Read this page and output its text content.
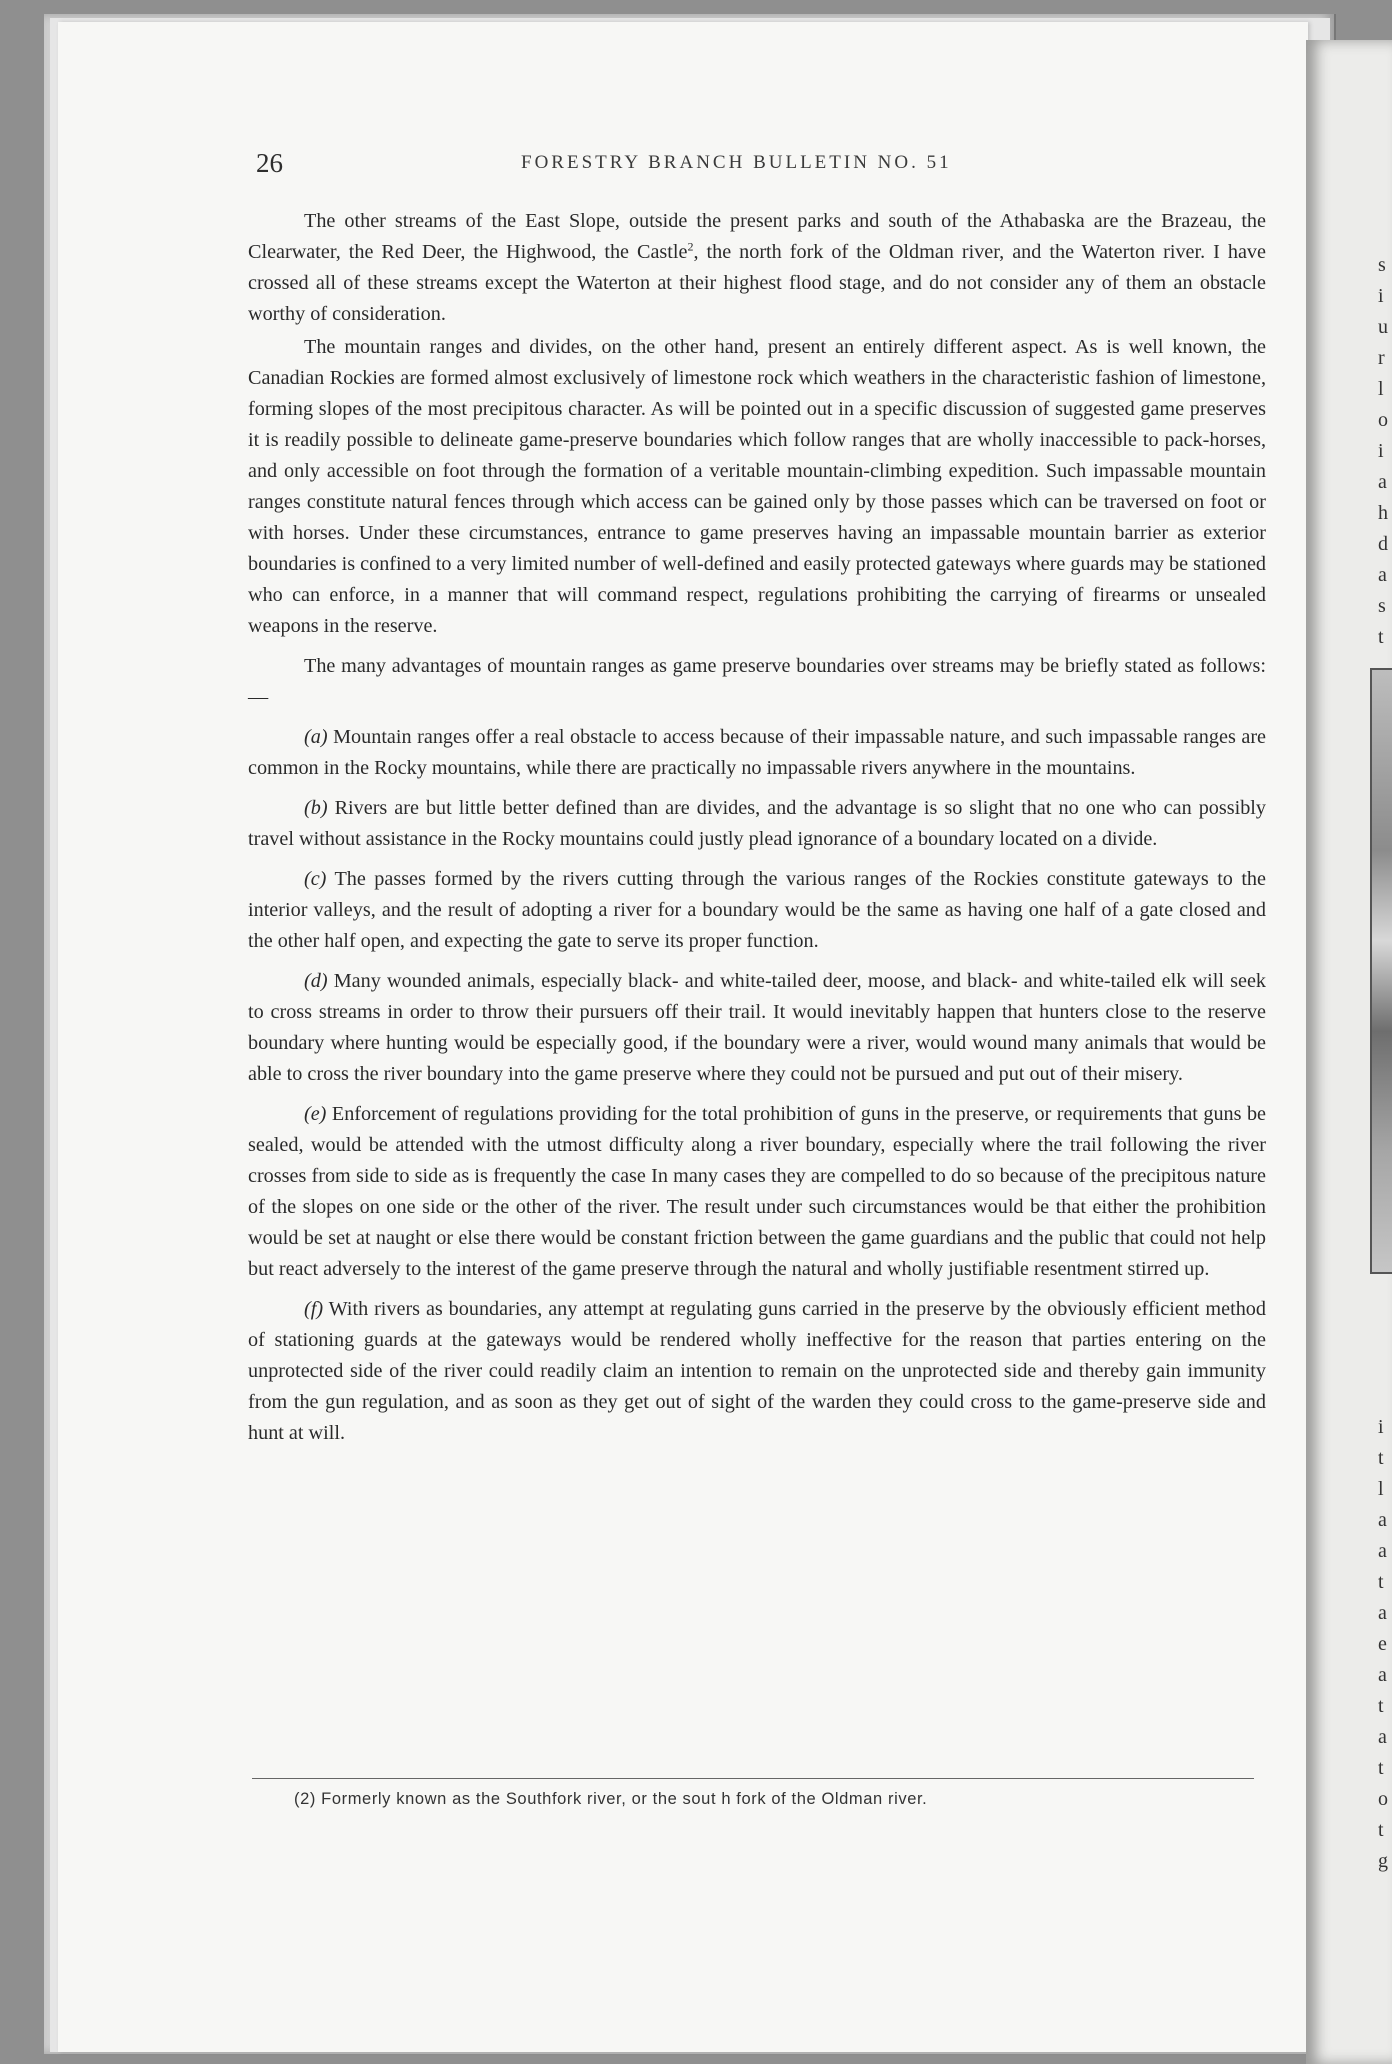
s
i
u
r
l
o
i
a
h
d
a
s
t
i
t
l
a
a
t
a
e
a
t
a
t
o
t
g
26	FORESTRY BRANCH BULLETIN NO. 51

The other streams of the East Slope, outside the present parks and south of the Athabaska are the Brazeau, the Clearwater, the Red Deer, the Highwood, the Castle$^2$, the north fork of the Oldman river, and the Waterton river. I have crossed all of these streams except the Waterton at their highest flood stage, and do not consider any of them an obstacle worthy of consideration.

The mountain ranges and divides, on the other hand, present an entirely different aspect. As is well known, the Canadian Rockies are formed almost exclusively of limestone rock which weathers in the characteristic fashion of limestone, forming slopes of the most precipitous character. As will be pointed out in a specific discussion of suggested game preserves it is readily possible to delineate game-preserve boundaries which follow ranges that are wholly inaccessible to pack-horses, and only accessible on foot through the formation of a veritable mountain-climbing expedition. Such impassable mountain ranges constitute natural fences through which access can be gained only by those passes which can be traversed on foot or with horses. Under these circumstances, entrance to game preserves having an impassable mountain barrier as exterior boundaries is confined to a very limited number of well-defined and easily protected gateways where guards may be stationed who can enforce, in a manner that will command respect, regulations prohibiting the carrying of firearms or unsealed weapons in the reserve.

The many advantages of mountain ranges as game preserve boundaries over streams may be briefly stated as follows:—

(a) Mountain ranges offer a real obstacle to access because of their impassable nature, and such impassable ranges are common in the Rocky mountains, while there are practically no impassable rivers anywhere in the mountains.

(b) Rivers are but little better defined than are divides, and the advantage is so slight that no one who can possibly travel without assistance in the Rocky mountains could justly plead ignorance of a boundary located on a divide.

(c) The passes formed by the rivers cutting through the various ranges of the Rockies constitute gateways to the interior valleys, and the result of adopting a river for a boundary would be the same as having one half of a gate closed and the other half open, and expecting the gate to serve its proper function.

(d) Many wounded animals, especially black- and white-tailed deer, moose, and black- and white-tailed elk will seek to cross streams in order to throw their pursuers off their trail. It would inevitably happen that hunters close to the reserve boundary where hunting would be especially good, if the boundary were a river, would wound many animals that would be able to cross the river boundary into the game preserve where they could not be pursued and put out of their misery.

(e) Enforcement of regulations providing for the total prohibition of guns in the preserve, or requirements that guns be sealed, would be attended with the utmost difficulty along a river boundary, especially where the trail following the river crosses from side to side as is frequently the case In many cases they are compelled to do so because of the precipitous nature of the slopes on one side or the other of the river. The result under such circumstances would be that either the prohibition would be set at naught or else there would be constant friction between the game guardians and the public that could not help but react adversely to the interest of the game preserve through the natural and wholly justifiable resentment stirred up.

(f) With rivers as boundaries, any attempt at regulating guns carried in the preserve by the obviously efficient method of stationing guards at the gateways would be rendered wholly ineffective for the reason that parties entering on the unprotected side of the river could readily claim an intention to remain on the unprotected side and thereby gain immunity from the gun regulation, and as soon as they get out of sight of the warden they could cross to the game-preserve side and hunt at will.

(2) Formerly known as the Southfork river, or the sout h fork of the Oldman river.
